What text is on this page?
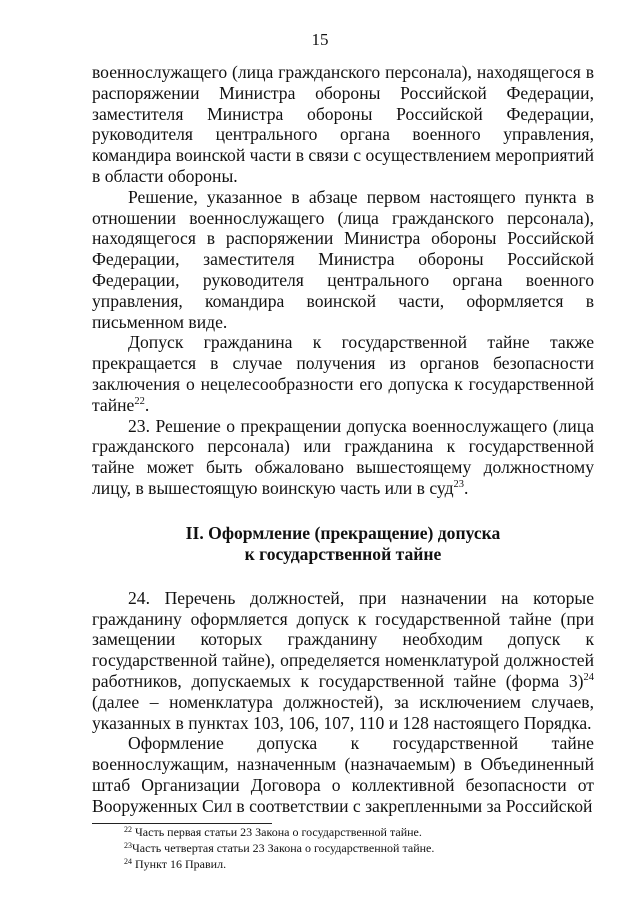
15

военнослужащего (лица гражданского персонала), находящегося в распоряжении Министра обороны Российской Федерации, заместителя Министра обороны Российской Федерации, руководителя центрального органа военного управления, командира воинской части в связи с осуществлением мероприятий в области обороны.

Решение, указанное в абзаце первом настоящего пункта в отношении военнослужащего (лица гражданского персонала), находящегося в распоряжении Министра обороны Российской Федерации, заместителя Министра обороны Российской Федерации, руководителя центрального органа военного управления, командира воинской части, оформляется в письменном виде.

Допуск гражданина к государственной тайне также прекращается в случае получения из органов безопасности заключения о нецелесообразности его допуска к государственной тайне$^{22}$.

23. Решение о прекращении допуска военнослужащего (лица гражданского персонала) или гражданина к государственной тайне может быть обжаловано вышестоящему должностному лицу, в вышестоящую воинскую часть или в суд$^{23}$.

II. Оформление (прекращение) допуска
к государственной тайне

24. Перечень должностей, при назначении на которые гражданину оформляется допуск к государственной тайне (при замещении которых гражданину необходим допуск к государственной тайне), определяется номенклатурой должностей работников, допускаемых к государственной тайне (форма 3)$^{24}$ (далее – номенклатура должностей), за исключением случаев, указанных в пунктах 103, 106, 107, 110 и 128 настоящего Порядка.

Оформление допуска к государственной тайне военнослужащим, назначенным (назначаемым) в Объединенный штаб Организации Договора о коллективной безопасности от Вооруженных Сил в соответствии с закрепленными за Российской

$^{22}$ Часть первая статьи 23 Закона о государственной тайне.

$^{23}$Часть четвертая статьи 23 Закона о государственной тайне.

$^{24}$ Пункт 16 Правил.
